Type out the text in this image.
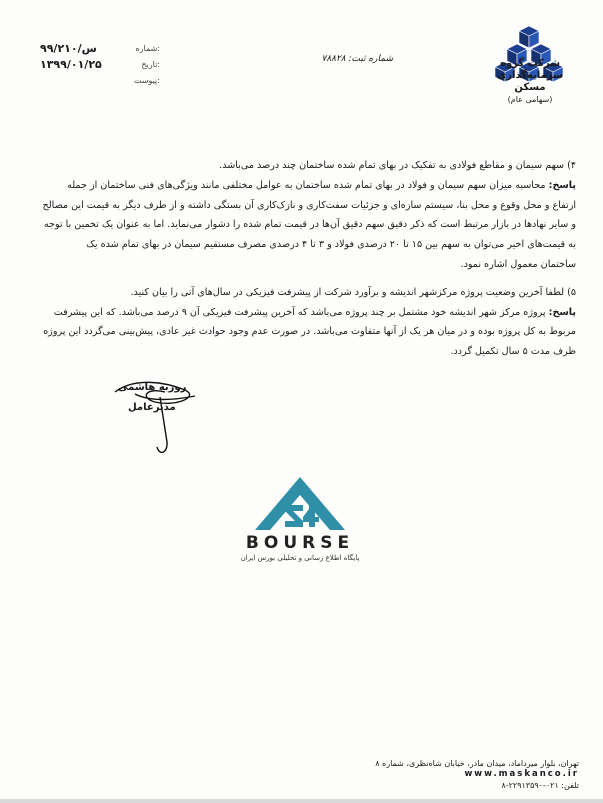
شرکت گروه سرمایه‌گذاری مسکن
(سهامی عام)
شماره ثبت: ۷۸۸۲۸
۹۹/۲۱۰/س	شماره:
۱۳۹۹/۰۱/۲۵	تاریخ:
پیوست:

۴) سهم سیمان و مقاطع فولادی به تفکیک در بهای تمام شده ساختمان چند درصد می‌باشد.

پاسخ: محاسبه میزان سهم سیمان و فولاد در بهای تمام شده ساختمان به عوامل مختلفی مانند ویژگی‌های فنی ساختمان از جمله

ارتفاع و محل وقوع و محل بنا، سیستم سازه‌ای و جزئیات سفت‌کاری و نازک‌کاری آن بستگی داشته و از طرف دیگر به قیمت این مصالح

و سایر نهادها در بازار مرتبط است که ذکر دقیق سهم دقیق آن‌ها در قیمت تمام شده را دشوار می‌نماید. اما به عنوان یک تخمین با توجه

به قیمت‌های اخیر می‌توان به سهم بین ۱۵ تا ۲۰ درصدی فولاد و ۳ تا ۴ درصدی مصرف مستقیم سیمان در بهای تمام شده یک

ساختمان معمول اشاره نمود.

۵) لطفا آخرین وضعیت پروژه مرکزشهر اندیشه و برآورد شرکت از پیشرفت فیزیکی در سال‌های آتی را بیان کنید.

پاسخ: پروژه مرکز شهر اندیشه خود مشتمل بر چند پروژه می‌باشد که آخرین پیشرفت فیزیکی آن ۹ درصد می‌باشد. که این پیشرفت

مربوط به کل پروژه بوده و در میان هر یک از آنها متفاوت می‌باشد. در صورت عدم وجود حوادث غیر عادی، پیش‌بینی می‌گردد این پروژه

ظرف مدت ۵ سال تکمیل گردد.

روزبه هاشمی
مدیرعامل
BOURSE
پایگاه اطلاع رسانی و تحلیلی بورس ایران
تهران، بلوار میرداماد، میدان مادر، خیابان شاه‌نظری، شماره ۸
www.maskanco.ir
تلفن: ۰۲۱-۲۲۹۱۳۵۹۰-۸
